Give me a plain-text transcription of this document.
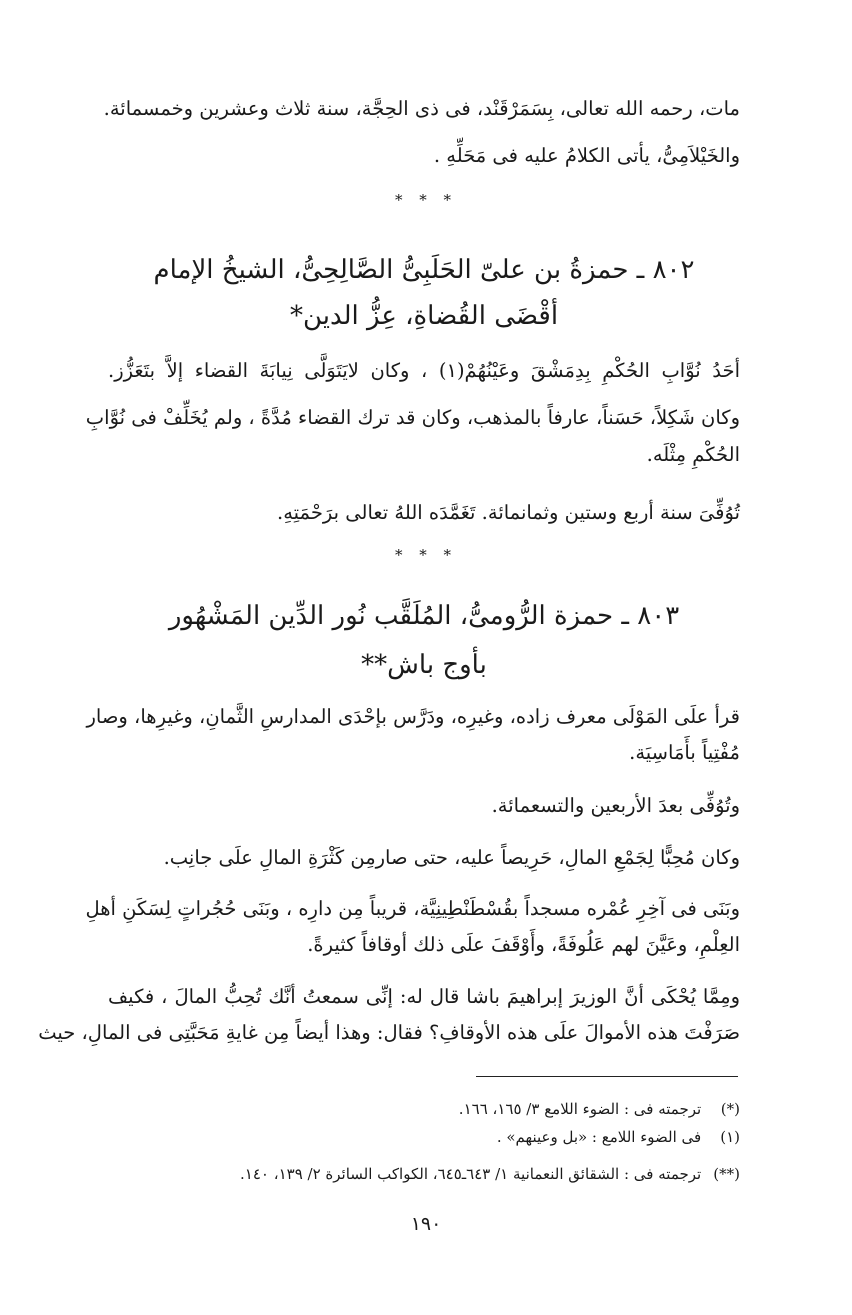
مات، رحمه الله تعالى، بِسَمَرْقَنْد، فى ذى الحِجَّة، سنة ثلاث وعشرين وخمسمائة.
والخَيْلاَمِىُّ، يأتى الكلامُ عليه فى مَحَلِّهِ .
* * *
٨٠٢ ـ حمزةُ بن علىّ الحَلَبِىُّ الصَّالِحِىُّ، الشيخُ الإمام
أقْضَى القُضاةِ، عِزُّ الدين*
أحَدُ نُوَّابِ الحُكْمِ بِدِمَشْقَ وعَيْنُهُمْ(١) ، وكان لايَتَوَلَّى نِيابَةَ القضاء إلاَّ بتَعَزُّز.
وكان شَكِلاً، حَسَناً، عارفاً بالمذهب، وكان قد ترك القضاء مُدَّةً ، ولم يُخَلِّفْ فى نُوَّابِ
الحُكْمِ مِثْلَه.
تُوُفِّىَ سنة أربع وستين وثمانمائة. تَغَمَّدَه اللهُ تعالى برَحْمَتِهِ.
* * *
٨٠٣ ـ حمزة الرُّومىُّ، المُلَقَّب نُور الدِّين المَشْهُور
بأوج باش**
قرأ علَى المَوْلَى معرف زاده، وغيرِه، ودَرَّس بإحْدَى المدارسِ الثَّمانِ، وغيرِها، وصار
مُفْتِياً بأَمَاسِيَة.
وتُوُفِّى بعدَ الأربعين والتسعمائة.
وكان مُحِبًّا لِجَمْعِ المالِ، حَرِيصاً عليه، حتى صارمِن كَثْرَةِ المالِ علَى جانِب.
وبَنَى فى آخِرِ عُمْره مسجداً بقُسْطَنْطِينِيَّة، قريباً مِن دارِه ، وبَنَى حُجُراتٍ لِسَكَنِ أهلِ
العِلْمِ، وعَيَّنَ لهم عَلُوفَةً، وأَوْقَفَ علَى ذلك أوقافاً كثيرةً.
ومِمَّا يُحْكَى أنَّ الوزيرَ إبراهيمَ باشا قال له: إنِّى سمعتُ أنَّك تُحِبُّ المالَ ، فكيف
صَرَفْتَ هذه الأموالَ علَى هذه الأوقافِ؟ فقال: وهذا أيضاً مِن غايةِ مَحَبَّتِى فى المالِ، حيث
(*) ترجمته فى : الضوء اللامع ٣/ ١٦٥، ١٦٦.
(١) فى الضوء اللامع : «بل وعينهم» .
(**) ترجمته فى : الشقائق النعمانية ١/ ٦٤٣ـ٦٤٥، الكواكب السائرة ٢/ ١٣٩، ١٤٠.
١٩٠
